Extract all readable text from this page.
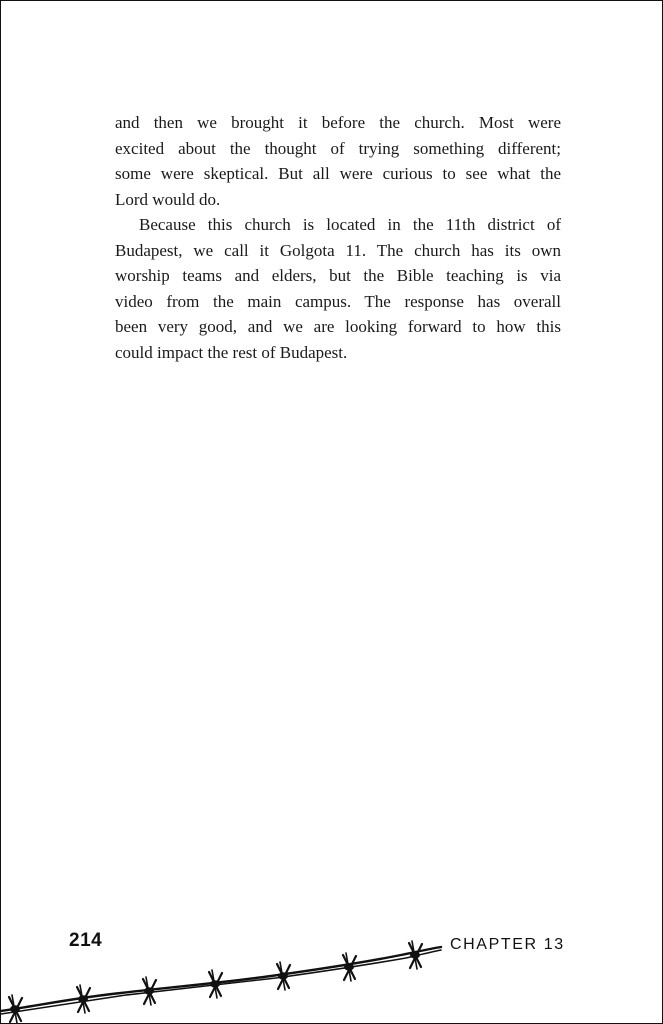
and then we brought it before the church. Most were
excited about the thought of trying something different;
some were skeptical. But all were curious to see what the
Lord would do.

Because this church is located in the 11th district of
Budapest, we call it Golgota 11. The church has its own
worship teams and elders, but the Bible teaching is via
video from the main campus. The response has overall
been very good, and we are looking forward to how this
could impact the rest of Budapest.

214	CHAPTER 13
